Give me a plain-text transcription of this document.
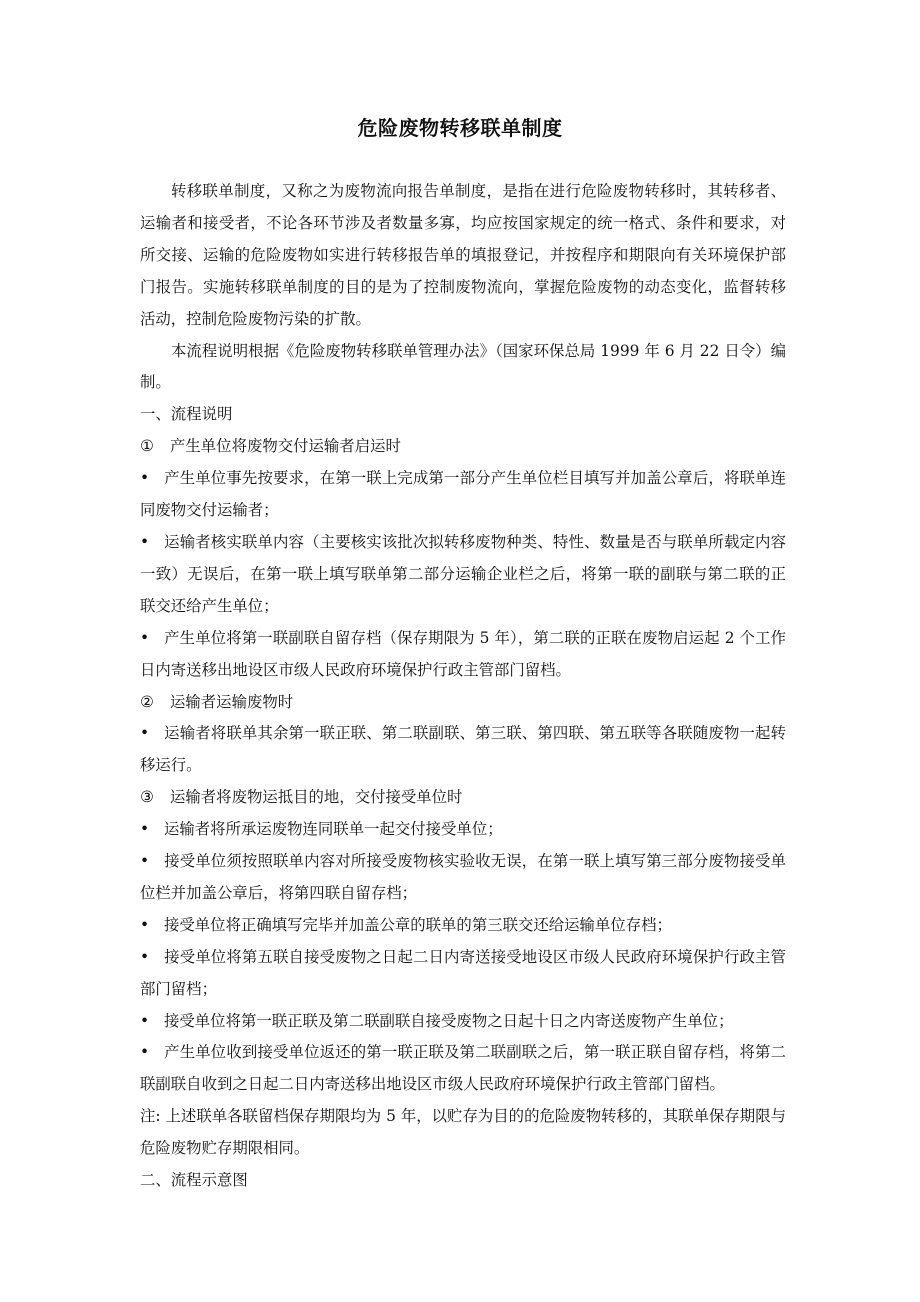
危险废物转移联单制度

转移联单制度，又称之为废物流向报告单制度，是指在进行危险废物转移时，其转移者、运输者和接受者，不论各环节涉及者数量多寡，均应按国家规定的统一格式、条件和要求，对所交接、运输的危险废物如实进行转移报告单的填报登记，并按程序和期限向有关环境保护部门报告。实施转移联单制度的目的是为了控制废物流向，掌握危险废物的动态变化，监督转移活动，控制危险废物污染的扩散。

本流程说明根据《危险废物转移联单管理办法》（国家环保总局 1999 年 6 月 22 日令）编制。

一、流程说明

① 产生单位将废物交付运输者启运时

• 产生单位事先按要求，在第一联上完成第一部分产生单位栏目填写并加盖公章后，将联单连同废物交付运输者；

• 运输者核实联单内容（主要核实该批次拟转移废物种类、特性、数量是否与联单所载定内容一致）无误后，在第一联上填写联单第二部分运输企业栏之后，将第一联的副联与第二联的正联交还给产生单位；

• 产生单位将第一联副联自留存档（保存期限为 5 年），第二联的正联在废物启运起 2 个工作日内寄送移出地设区市级人民政府环境保护行政主管部门留档。

② 运输者运输废物时

• 运输者将联单其余第一联正联、第二联副联、第三联、第四联、第五联等各联随废物一起转移运行。

③ 运输者将废物运抵目的地，交付接受单位时

• 运输者将所承运废物连同联单一起交付接受单位；

• 接受单位须按照联单内容对所接受废物核实验收无误，在第一联上填写第三部分废物接受单位栏并加盖公章后，将第四联自留存档；

• 接受单位将正确填写完毕并加盖公章的联单的第三联交还给运输单位存档；

• 接受单位将第五联自接受废物之日起二日内寄送接受地设区市级人民政府环境保护行政主管部门留档；

• 接受单位将第一联正联及第二联副联自接受废物之日起十日之内寄送废物产生单位；

• 产生单位收到接受单位返还的第一联正联及第二联副联之后，第一联正联自留存档，将第二联副联自收到之日起二日内寄送移出地设区市级人民政府环境保护行政主管部门留档。

注: 上述联单各联留档保存期限均为 5 年，以贮存为目的的危险废物转移的，其联单保存期限与危险废物贮存期限相同。

二、流程示意图
